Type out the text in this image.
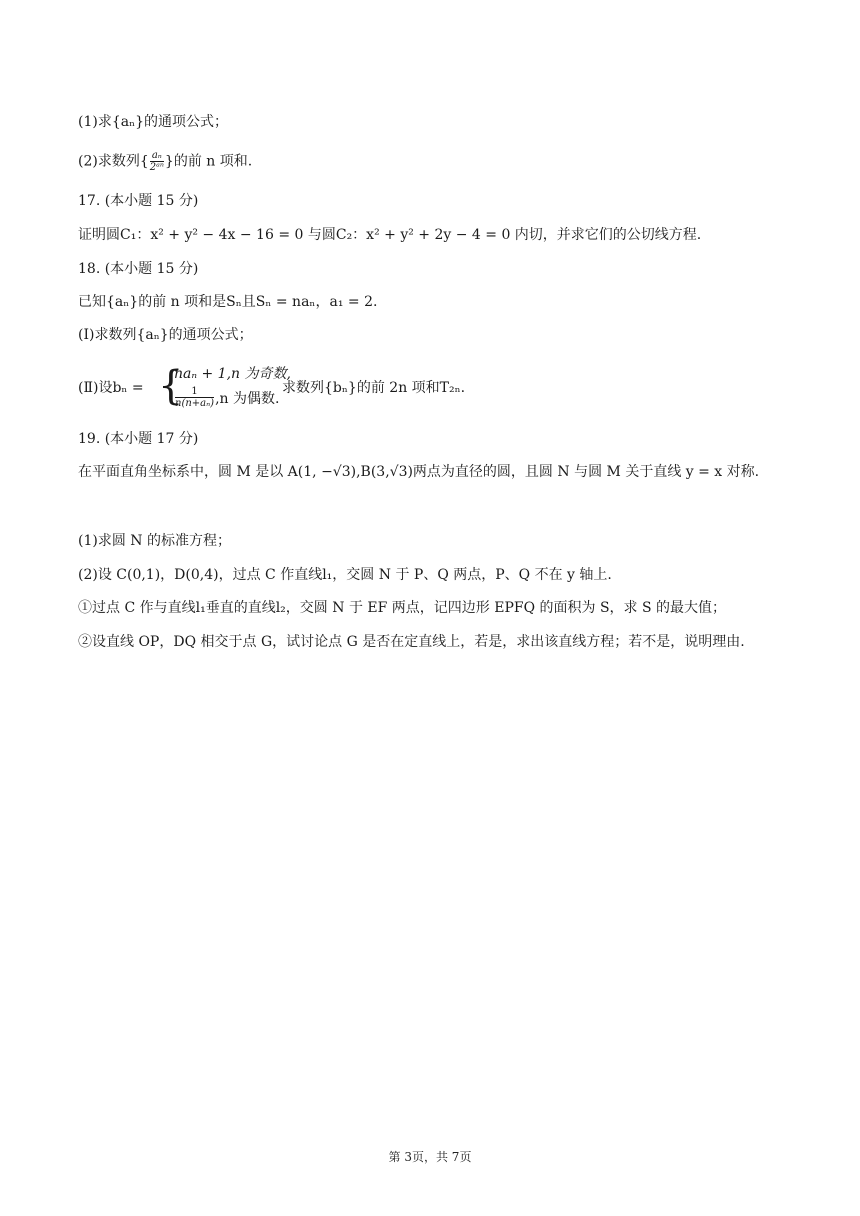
(1)求{aₙ}的通项公式；
(2)求数列{ $\frac{\text{aₙ}}{\text{2ᵃⁿ}}$ }的前 n 项和.
17. (本小题 15 分)
证明圆C₁：x² + y² − 4x − 16 = 0 与圆C₂：x² + y² + 2y − 4 = 0 内切，并求它们的公切线方程.
18. (本小题 15 分)
已知{aₙ}的前 n 项和是Sₙ且Sₙ = naₙ，a₁ = 2.
(Ⅰ)求数列{aₙ}的通项公式；
(Ⅱ)设bₙ = {
naₙ + 1,n 为奇数,
$\frac{1}{\text{n(n+aₙ)}} ,n$ 为偶数.
求数列{bₙ}的前 2n 项和T₂ₙ.
19. (本小题 17 分)
在平面直角坐标系中，圆 M 是以 A(1, −√3),B(3,√3)两点为直径的圆，且圆 N 与圆 M 关于直线 y = x 对称.
(1)求圆 N 的标准方程；
(2)设 C(0,1)，D(0,4)，过点 C 作直线l₁，交圆 N 于 P、Q 两点，P、Q 不在 y 轴上.
①过点 C 作与直线l₁垂直的直线l₂，交圆 N 于 EF 两点，记四边形 EPFQ 的面积为 S，求 S 的最大值；
②设直线 OP，DQ 相交于点 G，试讨论点 G 是否在定直线上，若是，求出该直线方程；若不是，说明理由.
第 3页，共 7页
